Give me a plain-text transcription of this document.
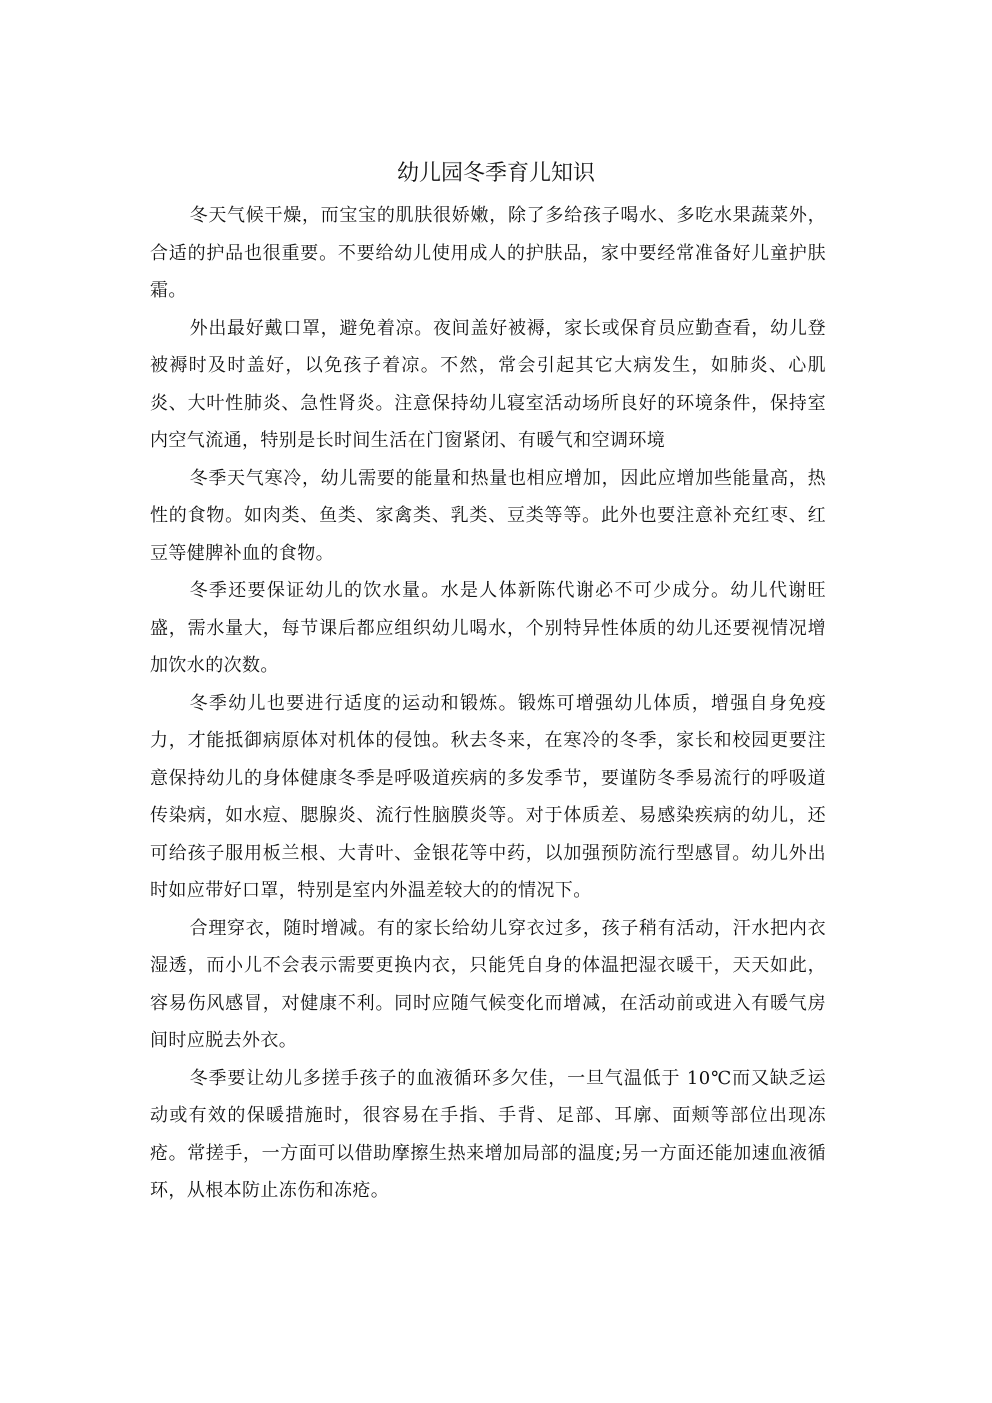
幼儿园冬季育儿知识

冬天气候干燥，而宝宝的肌肤很娇嫩，除了多给孩子喝水、多吃水果蔬菜外，合适的护品也很重要。不要给幼儿使用成人的护肤品，家中要经常准备好儿童护肤霜。

外出最好戴口罩，避免着凉。夜间盖好被褥，家长或保育员应勤查看，幼儿登被褥时及时盖好，以免孩子着凉。不然，常会引起其它大病发生，如肺炎、心肌炎、大叶性肺炎、急性肾炎。注意保持幼儿寝室活动场所良好的环境条件，保持室内空气流通，特别是长时间生活在门窗紧闭、有暖气和空调环境

冬季天气寒冷，幼儿需要的能量和热量也相应增加，因此应增加些能量高，热性的食物。如肉类、鱼类、家禽类、乳类、豆类等等。此外也要注意补充红枣、红豆等健脾补血的食物。

冬季还要保证幼儿的饮水量。水是人体新陈代谢必不可少成分。幼儿代谢旺盛，需水量大，每节课后都应组织幼儿喝水，个别特异性体质的幼儿还要视情况增加饮水的次数。

冬季幼儿也要进行适度的运动和锻炼。锻炼可增强幼儿体质，增强自身免疫力，才能抵御病原体对机体的侵蚀。秋去冬来，在寒冷的冬季，家长和校园更要注意保持幼儿的身体健康冬季是呼吸道疾病的多发季节，要谨防冬季易流行的呼吸道传染病，如水痘、腮腺炎、流行性脑膜炎等。对于体质差、易感染疾病的幼儿，还可给孩子服用板兰根、大青叶、金银花等中药，以加强预防流行型感冒。幼儿外出时如应带好口罩，特别是室内外温差较大的的情况下。

合理穿衣，随时增减。有的家长给幼儿穿衣过多，孩子稍有活动，汗水把内衣湿透，而小儿不会表示需要更换内衣，只能凭自身的体温把湿衣暖干，天天如此，容易伤风感冒，对健康不利。同时应随气候变化而增减，在活动前或进入有暖气房间时应脱去外衣。

冬季要让幼儿多搓手孩子的血液循环多欠佳，一旦气温低于 10℃而又缺乏运动或有效的保暖措施时，很容易在手指、手背、足部、耳廓、面颊等部位出现冻疮。常搓手，一方面可以借助摩擦生热来增加局部的温度;另一方面还能加速血液循环，从根本防止冻伤和冻疮。
